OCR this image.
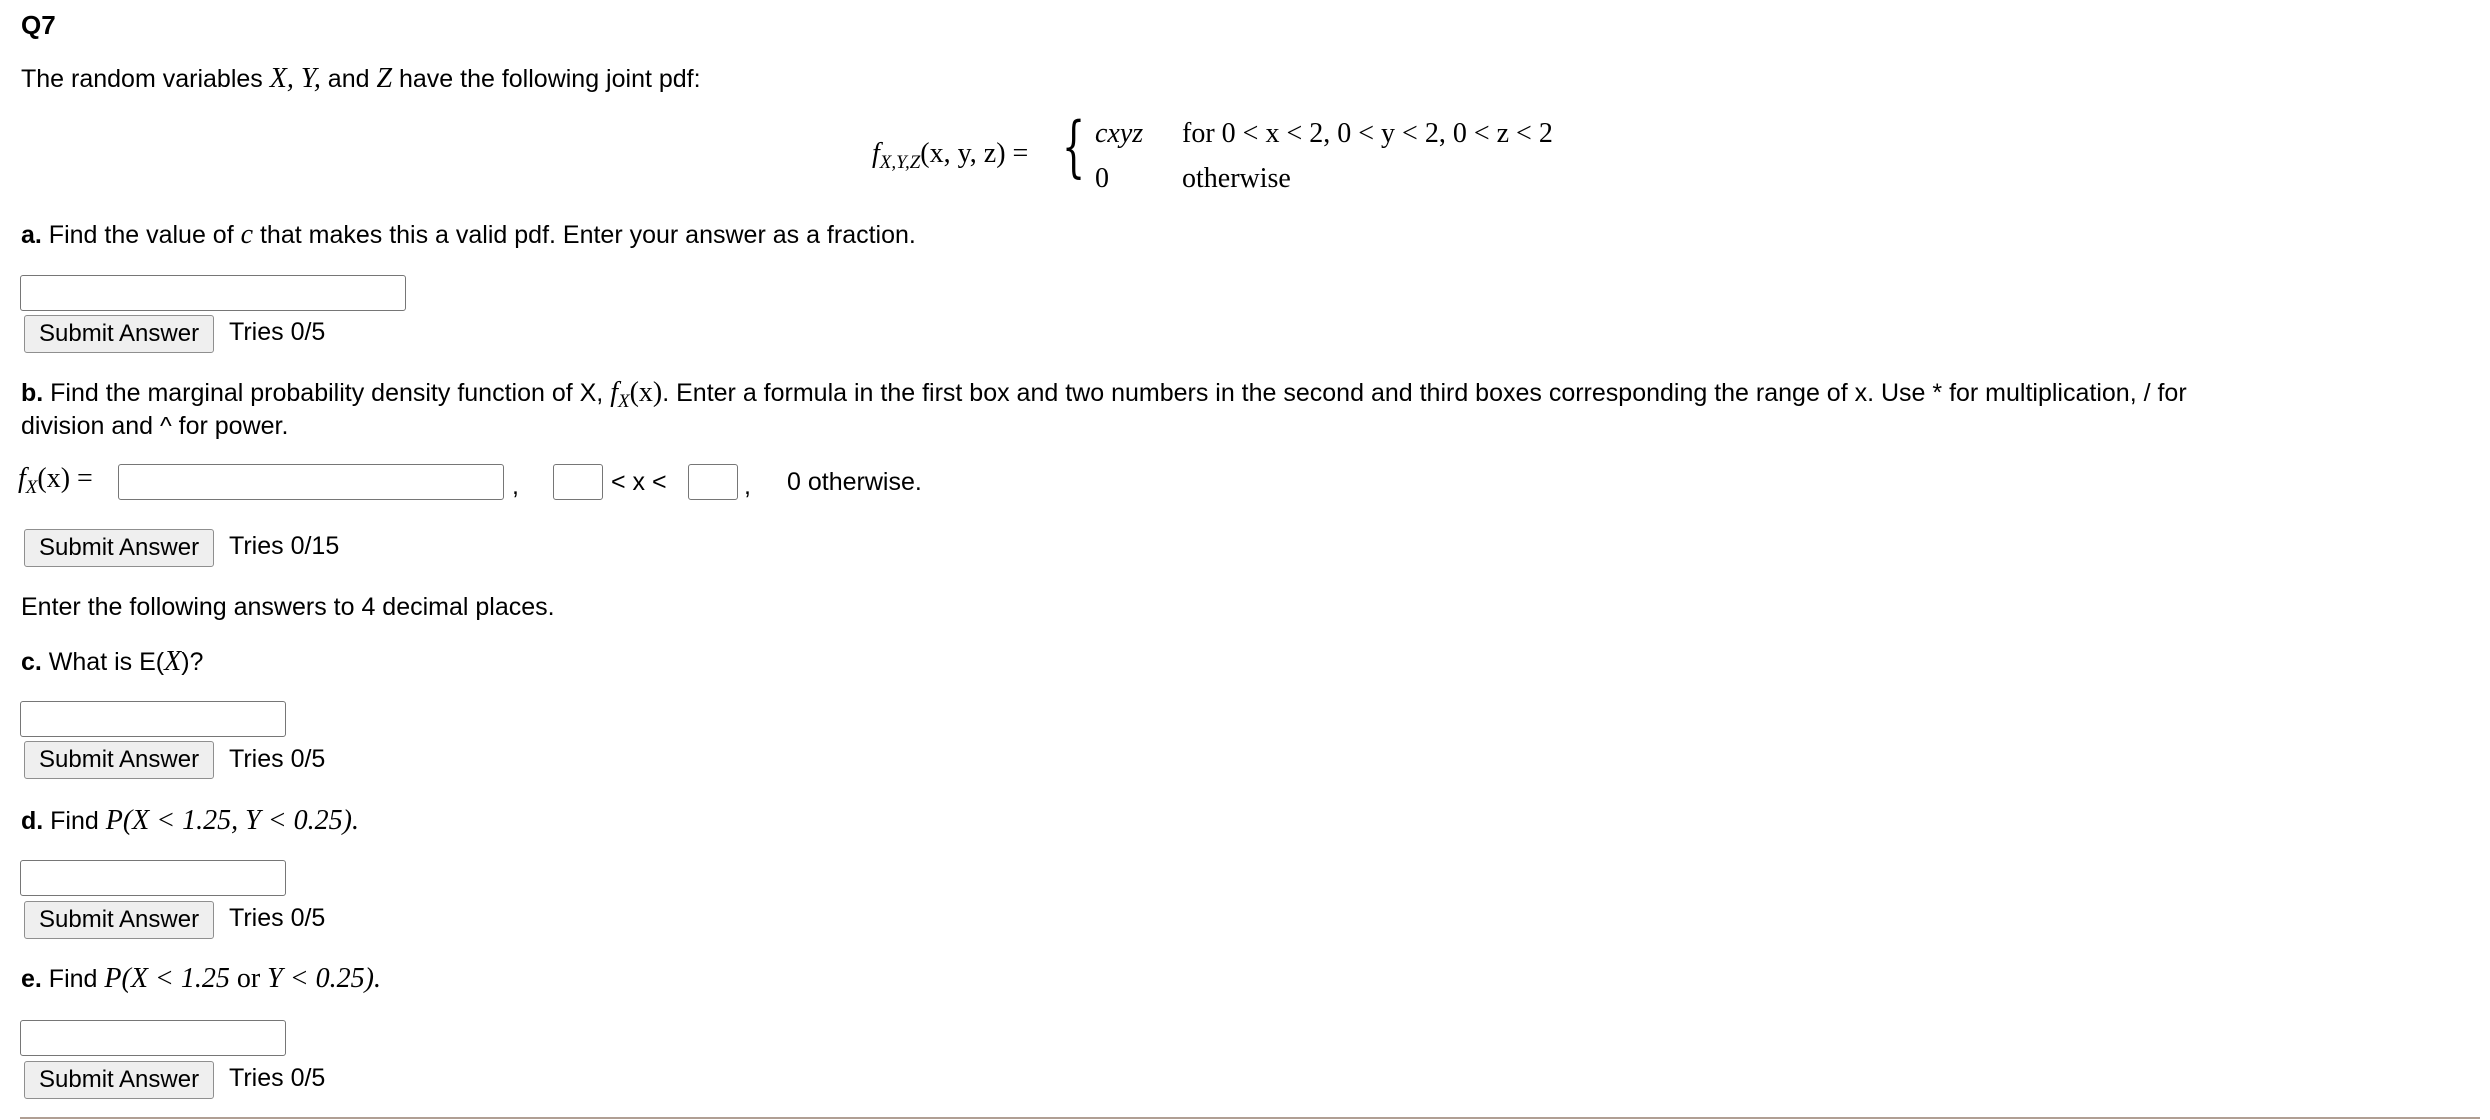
Q7
The random variables X, Y, and Z have the following joint pdf:
fX,Y,Z(x, y, z) = { cxyz for 0 < x < 2, 0 < y < 2, 0 < z < 2
0	otherwise
a. Find the value of c that makes this a valid pdf. Enter your answer as a fraction.
Submit Answer	Tries 0/5
b. Find the marginal probability density function of X, $f_X(x)$. Enter a formula in the first box and two numbers in the second and third boxes corresponding the range of x. Use * for multiplication, / for
division and ^ for power.
fX(x) =	,	< x <	, 0 otherwise.
Submit Answer	Tries 0/15
Enter the following answers to 4 decimal places.
c. What is E(X)?
Submit Answer	Tries 0/5
d. Find P(X < 1.25, Y < 0.25).
Submit Answer	Tries 0/5
e. Find P(X < 1.25 or Y < 0.25).
Submit Answer	Tries 0/5
